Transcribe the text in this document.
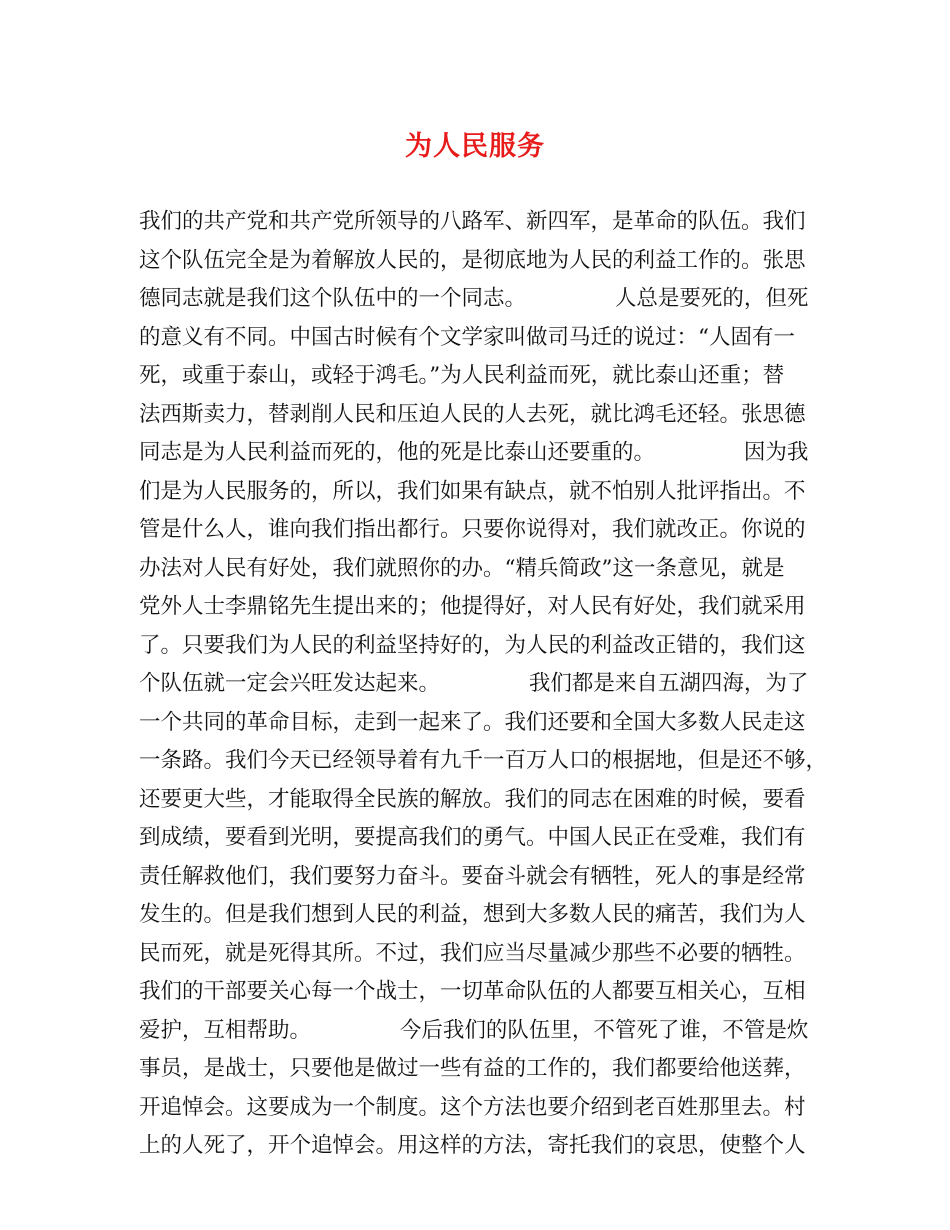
为人民服务
我们的共产党和共产党所领导的八路军、新四军，是革命的队伍。我们
这个队伍完全是为着解放人民的，是彻底地为人民的利益工作的。张思
德同志就是我们这个队伍中的一个同志。             人总是要死的，但死
的意义有不同。中国古时候有个文学家叫做司马迁的说过：“人固有一
死，或重于泰山，或轻于鸿毛。”为人民利益而死，就比泰山还重；替
法西斯卖力，替剥削人民和压迫人民的人去死，就比鸿毛还轻。张思德
同志是为人民利益而死的，他的死是比泰山还要重的。             因为我
们是为人民服务的，所以，我们如果有缺点，就不怕别人批评指出。不
管是什么人，谁向我们指出都行。只要你说得对，我们就改正。你说的
办法对人民有好处，我们就照你的办。“精兵简政”这一条意见，就是
党外人士李鼎铭先生提出来的；他提得好，对人民有好处，我们就采用
了。只要我们为人民的利益坚持好的，为人民的利益改正错的，我们这
个队伍就一定会兴旺发达起来。             我们都是来自五湖四海，为了
一个共同的革命目标，走到一起来了。我们还要和全国大多数人民走这
一条路。我们今天已经领导着有九千一百万人口的根据地，但是还不够，
还要更大些，才能取得全民族的解放。我们的同志在困难的时候，要看
到成绩，要看到光明，要提高我们的勇气。中国人民正在受难，我们有
责任解救他们，我们要努力奋斗。要奋斗就会有牺牲，死人的事是经常
发生的。但是我们想到人民的利益，想到大多数人民的痛苦，我们为人
民而死，就是死得其所。不过，我们应当尽量减少那些不必要的牺牲。
我们的干部要关心每一个战士，一切革命队伍的人都要互相关心，互相
爱护，互相帮助。             今后我们的队伍里，不管死了谁，不管是炊
事员，是战士，只要他是做过一些有益的工作的，我们都要给他送葬，
开追悼会。这要成为一个制度。这个方法也要介绍到老百姓那里去。村
上的人死了，开个追悼会。用这样的方法，寄托我们的哀思，使整个人
